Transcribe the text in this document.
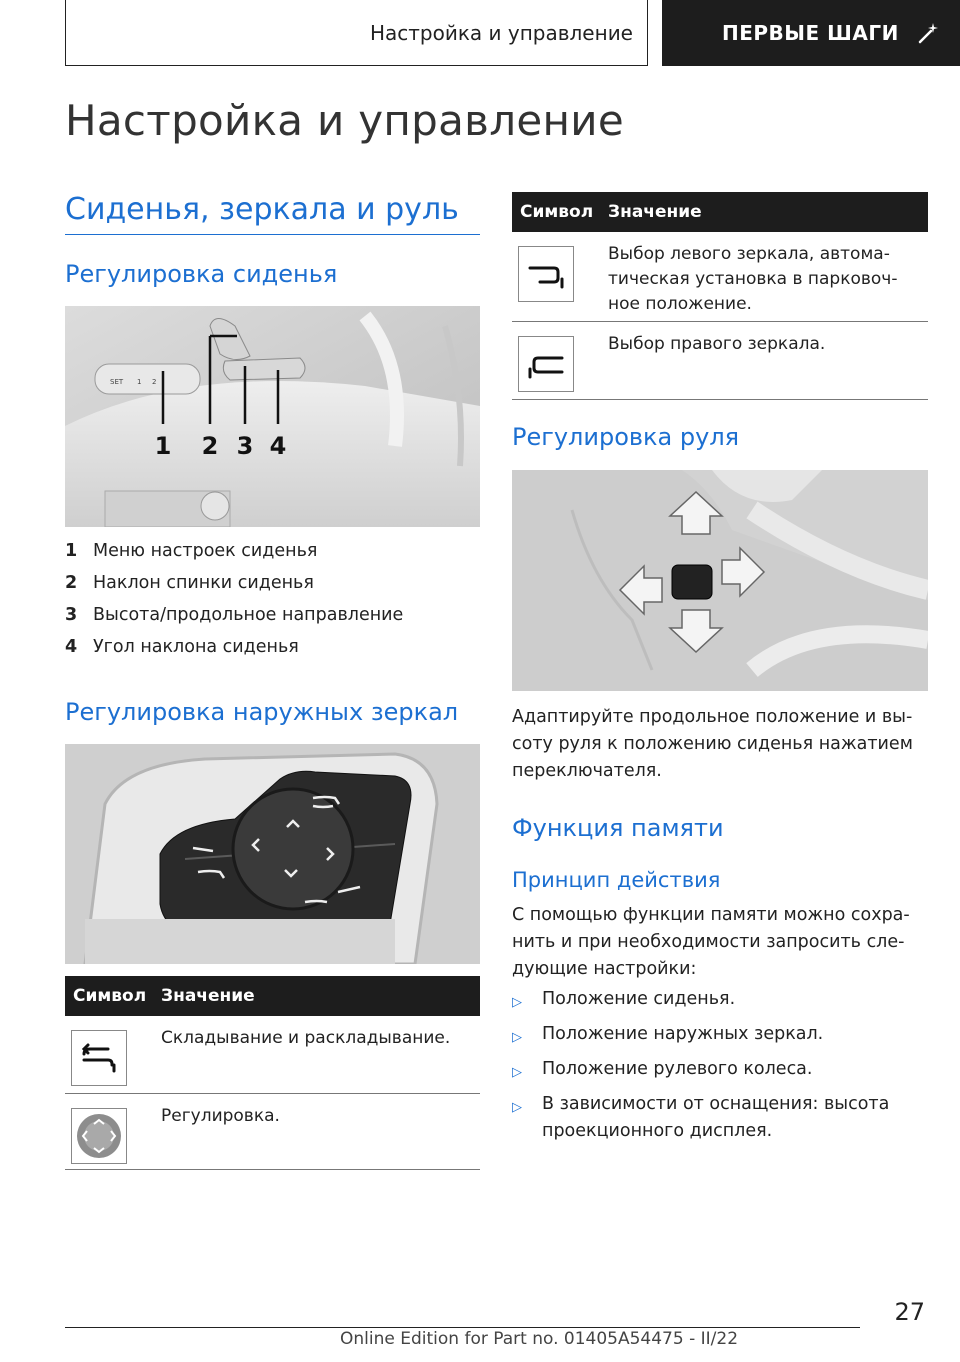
Настройка и управление	ПЕРВЫЕ ШАГИ
Настройка и управление
Сиденья, зеркала и руль
Регулировка сиденья
SET 1 2
1 2 3 4
1 Меню настроек сиденья
2 Наклон спинки сиденья
3 Высота/продольное направление
4 Угол наклона сиденья
Регулировка наружных зеркал
Символ Значение
Складывание и раскладывание.
Регулировка.
Символ Значение
Выбор левого зеркала, автома-
тическая установка в парковоч-
ное положение.
Выбор правого зеркала.
Регулировка руля
Адаптируйте продольное положение и вы-
соту руля к положению сиденья нажатием
переключателя.
Функция памяти
Принцип действия
С помощью функции памяти можно сохра-
нить и при необходимости запросить сле-
дующие настройки:
▷	Положение сиденья.
▷	Положение наружных зеркал.
▷	Положение рулевого колеса.
▷	В зависимости от оснащения: высота
проекционного дисплея.
27
Online Edition for Part no. 01405A54475 - II/22
